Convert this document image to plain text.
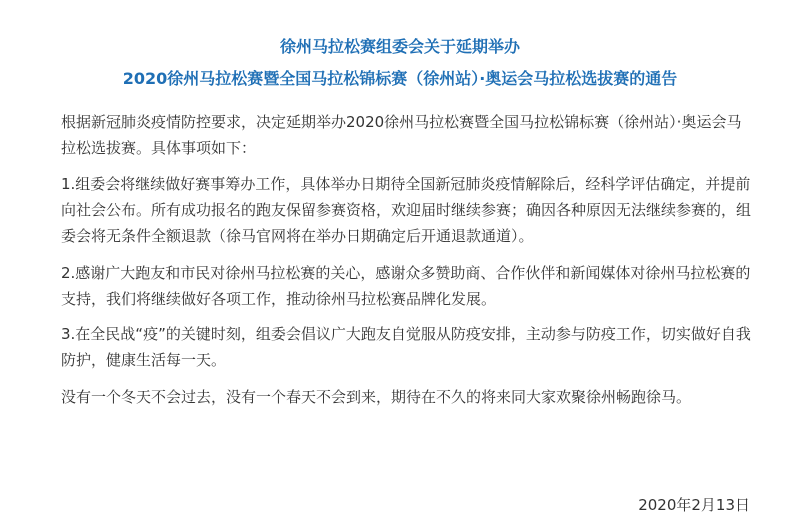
徐州马拉松赛组委会关于延期举办
2020徐州马拉松赛暨全国马拉松锦标赛（徐州站）·奥运会马拉松选拔赛的通告

根据新冠肺炎疫情防控要求，决定延期举办2020徐州马拉松赛暨全国马拉松锦标赛（徐州站）·奥运会马拉松选拔赛。具体事项如下：

1.组委会将继续做好赛事筹办工作，具体举办日期待全国新冠肺炎疫情解除后，经科学评估确定，并提前向社会公布。所有成功报名的跑友保留参赛资格，欢迎届时继续参赛；确因各种原因无法继续参赛的，组委会将无条件全额退款（徐马官网将在举办日期确定后开通退款通道）。

2.感谢广大跑友和市民对徐州马拉松赛的关心，感谢众多赞助商、合作伙伴和新闻媒体对徐州马拉松赛的支持，我们将继续做好各项工作，推动徐州马拉松赛品牌化发展。

3.在全民战“疫”的关键时刻，组委会倡议广大跑友自觉服从防疫安排，主动参与防疫工作，切实做好自我防护，健康生活每一天。

没有一个冬天不会过去，没有一个春天不会到来，期待在不久的将来同大家欢聚徐州畅跑徐马。

2020年2月13日
